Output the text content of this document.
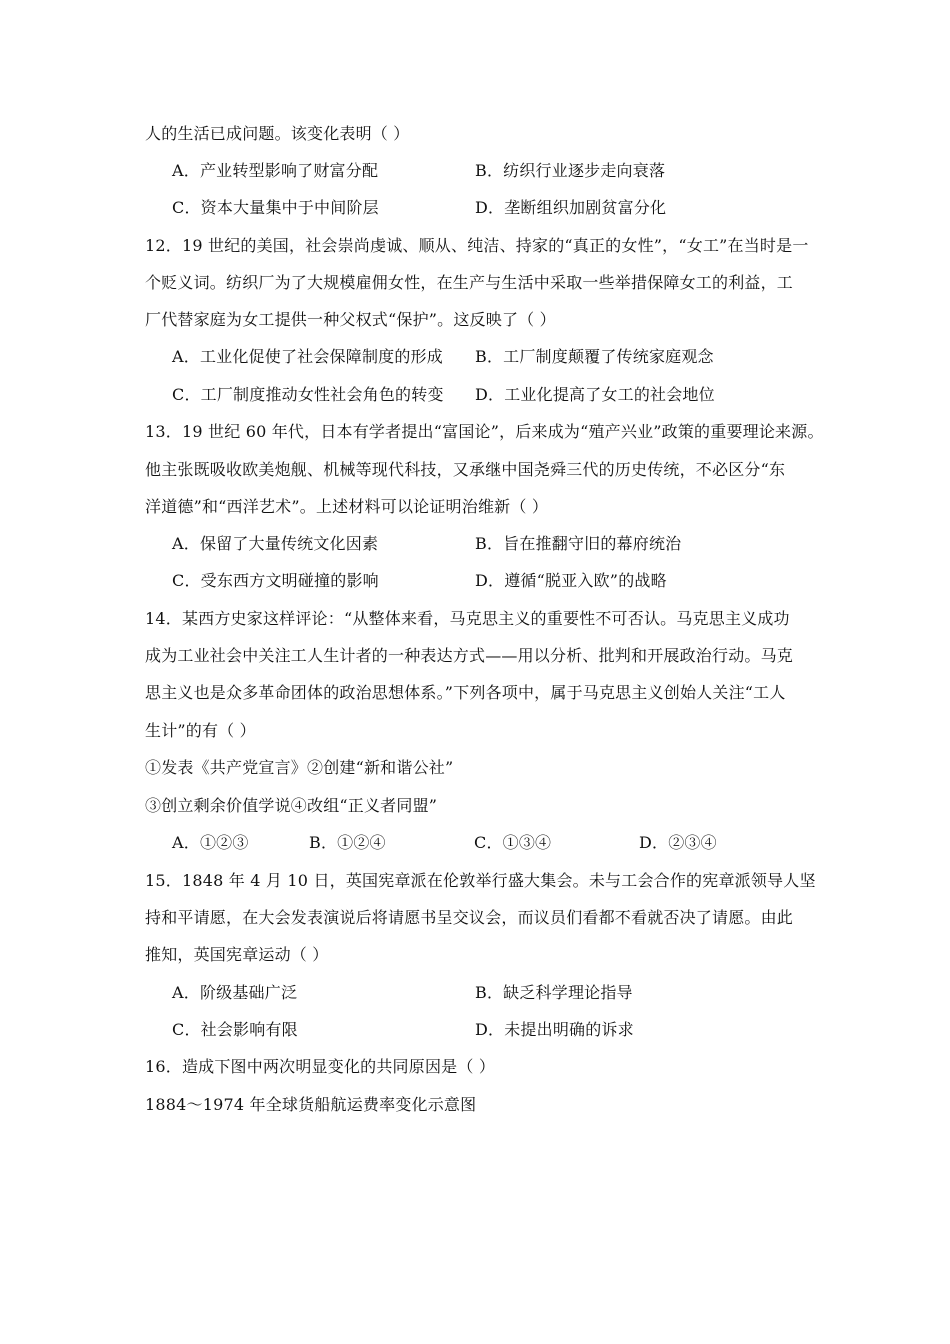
人的生活已成问题。该变化表明（ ）
A．产业转型影响了财富分配	B．纺织行业逐步走向衰落
C．资本大量集中于中间阶层	D．垄断组织加剧贫富分化
12．19 世纪的美国，社会崇尚虔诚、顺从、纯洁、持家的“真正的女性”，“女工”在当时是一
个贬义词。纺织厂为了大规模雇佣女性，在生产与生活中采取一些举措保障女工的利益，工
厂代替家庭为女工提供一种父权式“保护”。这反映了（ ）
A．工业化促使了社会保障制度的形成 B．工厂制度颠覆了传统家庭观念
C．工厂制度推动女性社会角色的转变 D．工业化提高了女工的社会地位
13．19 世纪 60 年代，日本有学者提出“富国论”，后来成为“殖产兴业”政策的重要理论来源。
他主张既吸收欧美炮舰、机械等现代科技，又承继中国尧舜三代的历史传统，不必区分“东
洋道德”和“西洋艺术”。上述材料可以论证明治维新（ ）
A．保留了大量传统文化因素	B．旨在推翻守旧的幕府统治
C．受东西方文明碰撞的影响	D．遵循“脱亚入欧”的战略
14．某西方史家这样评论：“从整体来看，马克思主义的重要性不可否认。马克思主义成功
成为工业社会中关注工人生计者的一种表达方式——用以分析、批判和开展政治行动。马克
思主义也是众多革命团体的政治思想体系。”下列各项中，属于马克思主义创始人关注“工人
生计”的有（ ）
①发表《共产党宣言》②创建“新和谐公社”
③创立剩余价值学说④改组“正义者同盟”
A．①②③	B．①②④	C．①③④	D．②③④
15．1848 年 4 月 10 日，英国宪章派在伦敦举行盛大集会。未与工会合作的宪章派领导人坚
持和平请愿，在大会发表演说后将请愿书呈交议会，而议员们看都不看就否决了请愿。由此
推知，英国宪章运动（ ）
A．阶级基础广泛	B．缺乏科学理论指导
C．社会影响有限	D．未提出明确的诉求
16．造成下图中两次明显变化的共同原因是（ ）
1884～1974 年全球货船航运费率变化示意图
